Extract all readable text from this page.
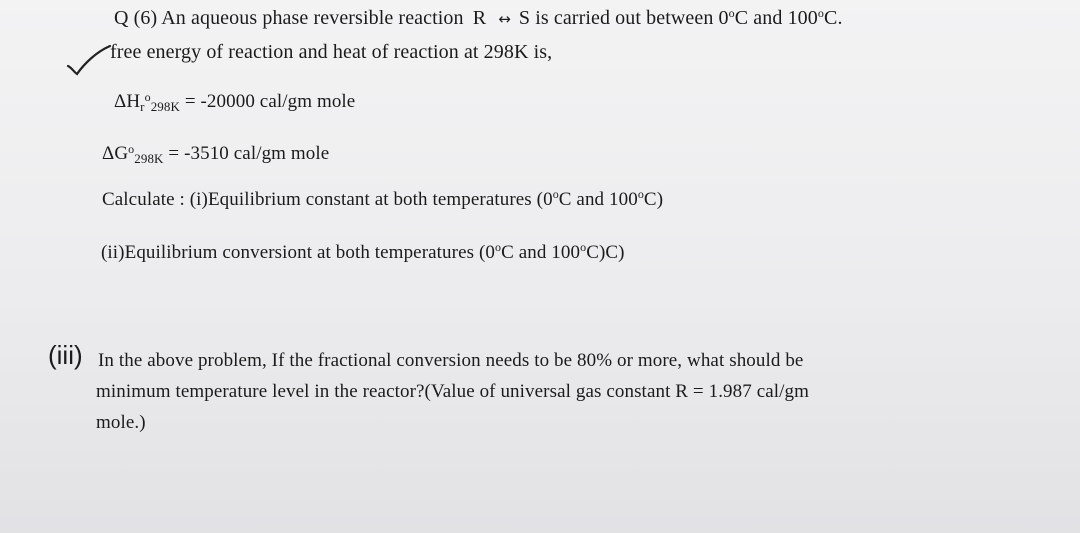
Q (6) An aqueous phase reversible reaction R ↔ S is carried out between 0$^o$C and 100$^o$C.
free energy of reaction and heat of reaction at 298K is,
$\Delta H_r^o_{298K} = -20000$ cal/gm mole
$\Delta G^o_{298K} = -3510$ cal/gm mole
Calculate : (i)Equilibrium constant at both temperatures (0$^o$C and 100$^o$C)
(ii)Equilibrium conversiont at both temperatures (0$^o$C and 100$^o$C)C)
(iii) In the above problem, If the fractional conversion needs to be 80% or more, what should be
minimum temperature level in the reactor?(Value of universal gas constant R = 1.987 cal/gm
mole.)
